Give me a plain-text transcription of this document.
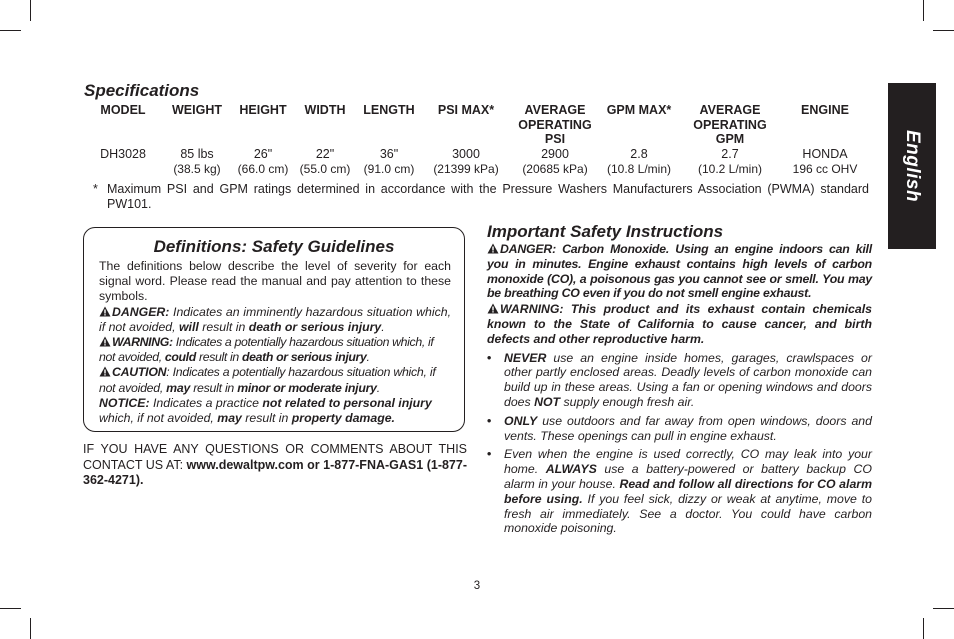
English
Specifications
MODEL
DH3028
WEIGHT
85 lbs
(38.5 kg)
HEIGHT
26"
(66.0 cm)
WIDTH
22"
(55.0 cm)
LENGTH
36"
(91.0 cm)
PSI MAX*
3000
(21399 kPa)
AVERAGE
OPERATING
PSI
2900
(20685 kPa)
GPM MAX*
2.8
(10.8 L/min)
AVERAGE
OPERATING
GPM
2.7
(10.2 L/min)
ENGINE
HONDA
196 cc OHV
* Maximum PSI and GPM ratings determined in accordance with the Pressure Washers Manufacturers Association (PWMA) standard PW101.
Definitions: Safety Guidelines

The definitions below describe the level of severity for each signal word. Please read the manual and pay attention to these symbols.

DANGER: Indicates an imminently hazardous situation which, if not avoided, will result in death or serious injury.

WARNING: Indicates a potentially hazardous situation which, if not avoided, could result in death or serious injury.

CAUTION: Indicates a potentially hazardous situation which, if not avoided, may result in minor or moderate injury.

NOTICE: Indicates a practice not related to personal injury which, if not avoided, may result in property damage.

IF YOU HAVE ANY QUESTIONS OR COMMENTS ABOUT THIS CONTACT US AT: www.dewaltpw.com or 1-877-FNA-GAS1 (1-877-362-4271).

Important Safety Instructions

DANGER: Carbon Monoxide. Using an engine indoors can kill you in minutes. Engine exhaust contains high levels of carbon monoxide (CO), a poisonous gas you cannot see or smell. You may be breathing CO even if you do not smell engine exhaust.

WARNING: This product and its exhaust contain chemicals known to the State of California to cause cancer, and birth defects and other reproductive harm.

• NEVER use an engine inside homes, garages, crawlspaces or other partly enclosed areas. Deadly levels of carbon monoxide can build up in these areas. Using a fan or opening windows and doors does NOT supply enough fresh air.
• ONLY use outdoors and far away from open windows, doors and vents. These openings can pull in engine exhaust.
• Even when the engine is used correctly, CO may leak into your home. ALWAYS use a battery-powered or battery backup CO alarm in your house. Read and follow all directions for CO alarm before using. If you feel sick, dizzy or weak at anytime, move to fresh air immediately. See a doctor. You could have carbon monoxide poisoning.
3
